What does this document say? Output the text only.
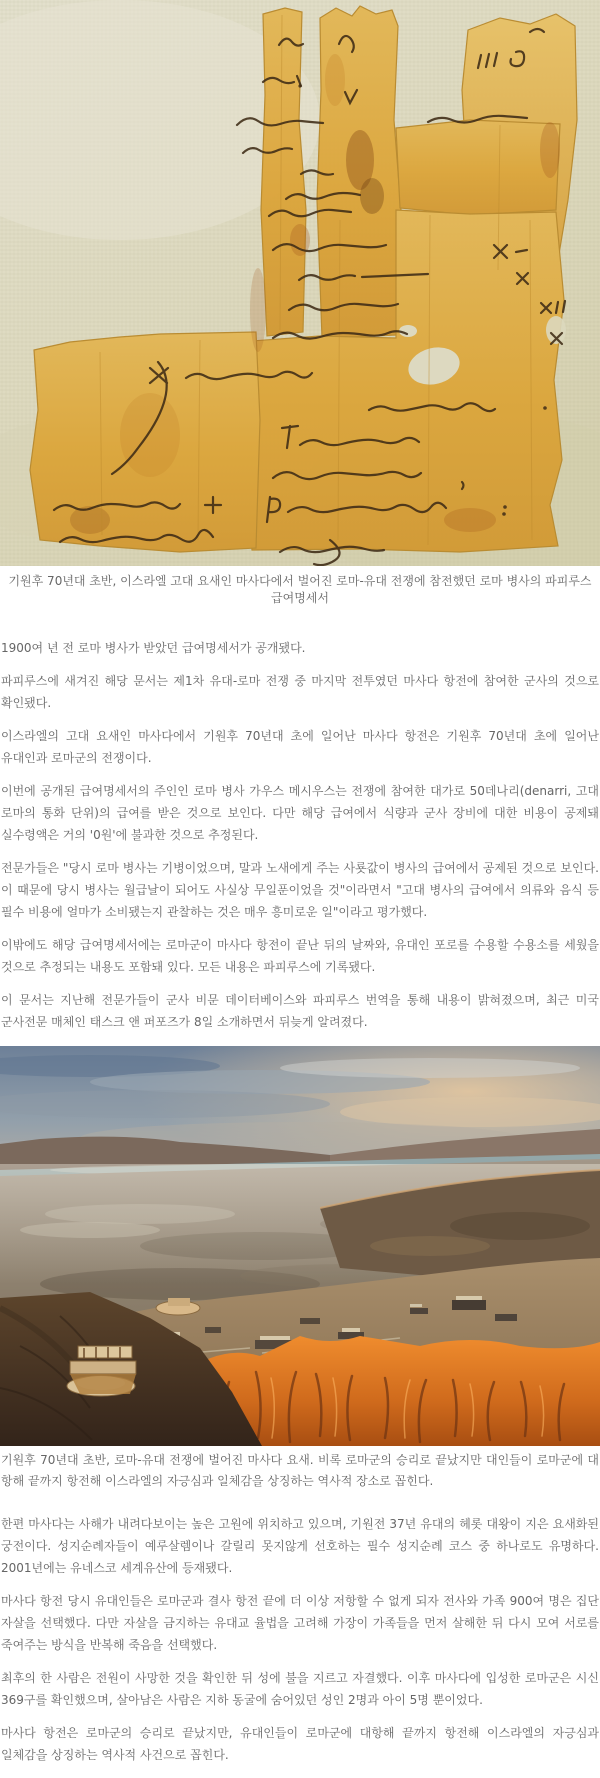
기원후 70년대 초반, 이스라엘 고대 요새인 마사다에서 벌어진 로마-유대 전쟁에 참전했던 로마 병사의 파피루스 급여명세서

1900여 년 전 로마 병사가 받았던 급여명세서가 공개됐다.

파피루스에 새겨진 해당 문서는 제1차 유대-로마 전쟁 중 마지막 전투였던 마사다 항전에 참여한 군사의 것으로 확인됐다.

이스라엘의 고대 요새인 마사다에서 기원후 70년대 초에 일어난 마사다 항전은 기원후 70년대 초에 일어난 유대인과 로마군의 전쟁이다.

이번에 공개된 급여명세서의 주인인 로마 병사 가우스 메시우스는 전쟁에 참여한 대가로 50데나리(denarri, 고대 로마의 통화 단위)의 급여를 받은 것으로 보인다. 다만 해당 급여에서 식량과 군사 장비에 대한 비용이 공제돼 실수령액은 거의 '0원'에 불과한 것으로 추정된다.

전문가들은 "당시 로마 병사는 기병이었으며, 말과 노새에게 주는 사룟값이 병사의 급여에서 공제된 것으로 보인다. 이 때문에 당시 병사는 월급날이 되어도 사실상 무일푼이었을 것"이라면서 "고대 병사의 급여에서 의류와 음식 등 필수 비용에 얼마가 소비됐는지 관찰하는 것은 매우 흥미로운 일"이라고 평가했다.

이밖에도 해당 급여명세서에는 로마군이 마사다 항전이 끝난 뒤의 날짜와, 유대인 포로를 수용할 수용소를 세웠을 것으로 추정되는 내용도 포함돼 있다. 모든 내용은 파피루스에 기록됐다.

이 문서는 지난해 전문가들이 군사 비문 데이터베이스와 파피루스 번역을 통해 내용이 밝혀졌으며, 최근 미국 군사전문 매체인 태스크 앤 퍼포즈가 8일 소개하면서 뒤늦게 알려졌다.

기원후 70년대 초반, 로마-유대 전쟁에 벌어진 마사다 요새. 비록 로마군의 승리로 끝났지만 대인들이 로마군에 대항해 끝까지 항전해 이스라엘의 자긍심과 일체감을 상징하는 역사적 장소로 꼽힌다.

한편 마사다는 사해가 내려다보이는 높은 고원에 위치하고 있으며, 기원전 37년 유대의 헤롯 대왕이 지은 요새화된 궁전이다. 성지순례자들이 예루살렘이나 갈릴리 못지않게 선호하는 필수 성지순례 코스 중 하나로도 유명하다. 2001년에는 유네스코 세계유산에 등재됐다.

마사다 항전 당시 유대인들은 로마군과 결사 항전 끝에 더 이상 저항할 수 없게 되자 전사와 가족 900여 명은 집단 자살을 선택했다. 다만 자살을 금지하는 유대교 율법을 고려해 가장이 가족들을 먼저 살해한 뒤 다시 모여 서로를 죽여주는 방식을 반복해 죽음을 선택했다.

최후의 한 사람은 전원이 사망한 것을 확인한 뒤 성에 불을 지르고 자결했다. 이후 마사다에 입성한 로마군은 시신 369구를 확인했으며, 살아남은 사람은 지하 동굴에 숨어있던 성인 2명과 아이 5명 뿐이었다.

마사다 항전은 로마군의 승리로 끝났지만, 유대인들이 로마군에 대항해 끝까지 항전해 이스라엘의 자긍심과 일체감을 상징하는 역사적 사건으로 꼽힌다.
